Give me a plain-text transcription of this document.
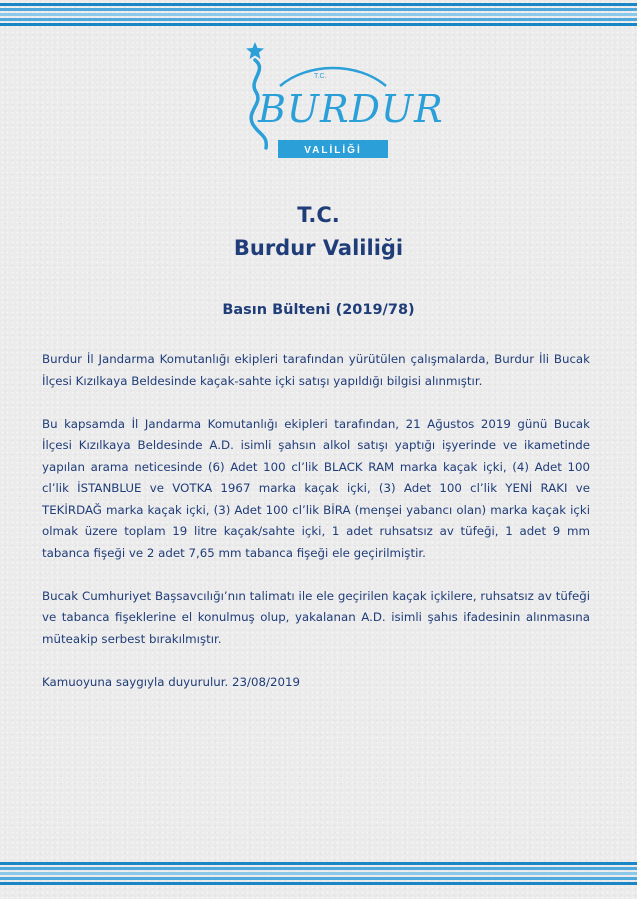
T.C.
BURDUR
VALİLİĞİ
T.C.
Burdur Valiliği
Basın Bülteni (2019/78)

Burdur İl Jandarma Komutanlığı ekipleri tarafından yürütülen çalışmalarda, Burdur İli Bucak İlçesi Kızılkaya Beldesinde kaçak-sahte içki satışı yapıldığı bilgisi alınmıştır.

Bu kapsamda İl Jandarma Komutanlığı ekipleri tarafından, 21 Ağustos 2019 günü Bucak İlçesi Kızılkaya Beldesinde A.D. isimli şahsın alkol satışı yaptığı işyerinde ve ikametinde yapılan arama neticesinde (6) Adet 100 cl’lik BLACK RAM marka kaçak içki, (4) Adet 100 cl’lik İSTANBLUE ve VOTKA 1967 marka kaçak içki, (3) Adet 100 cl’lik YENİ RAKI ve TEKİRDAĞ marka kaçak içki, (3) Adet 100 cl’lik BİRA (menşei yabancı olan) marka kaçak içki olmak üzere toplam 19 litre kaçak/sahte içki, 1 adet ruhsatsız av tüfeği, 1 adet 9 mm tabanca fişeği ve 2 adet 7,65 mm tabanca fişeği ele geçirilmiştir.

Bucak Cumhuriyet Başsavcılığı’nın talimatı ile ele geçirilen kaçak içkilere, ruhsatsız av tüfeği ve tabanca fişeklerine el konulmuş olup, yakalanan A.D. isimli şahıs ifadesinin alınmasına müteakip serbest bırakılmıştır.

Kamuoyuna saygıyla duyurulur. 23/08/2019
